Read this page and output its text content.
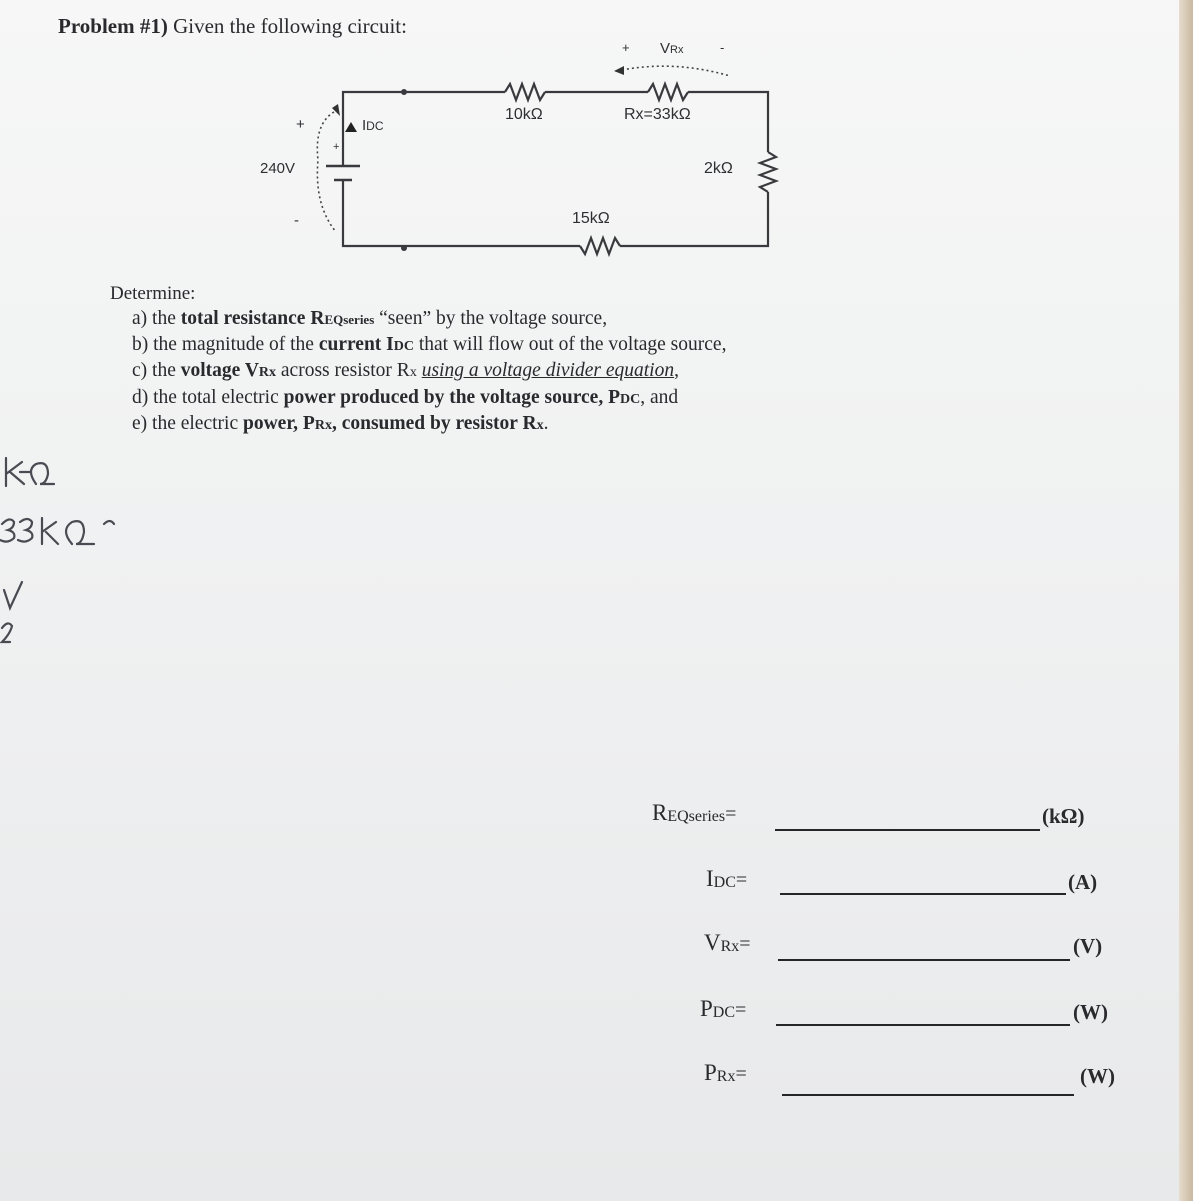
Problem #1) Given the following circuit:
+
240V
-
+
IDC
10kΩ	Rx=33kΩ
2kΩ
15kΩ
+ VRx	-
Determine:
a) the total resistance REQseries “seen” by the voltage source,
b) the magnitude of the current IDC that will flow out of the voltage source,
c) the voltage VRx across resistor Rx using a voltage divider equation,
d) the total electric power produced by the voltage source, PDC, and
e) the electric power, PRx, consumed by resistor Rx.
R EQseries =	(kΩ)
I DC =	(A)
V Rx =	(V)
P DC =	(W)
P Rx =	(W)
